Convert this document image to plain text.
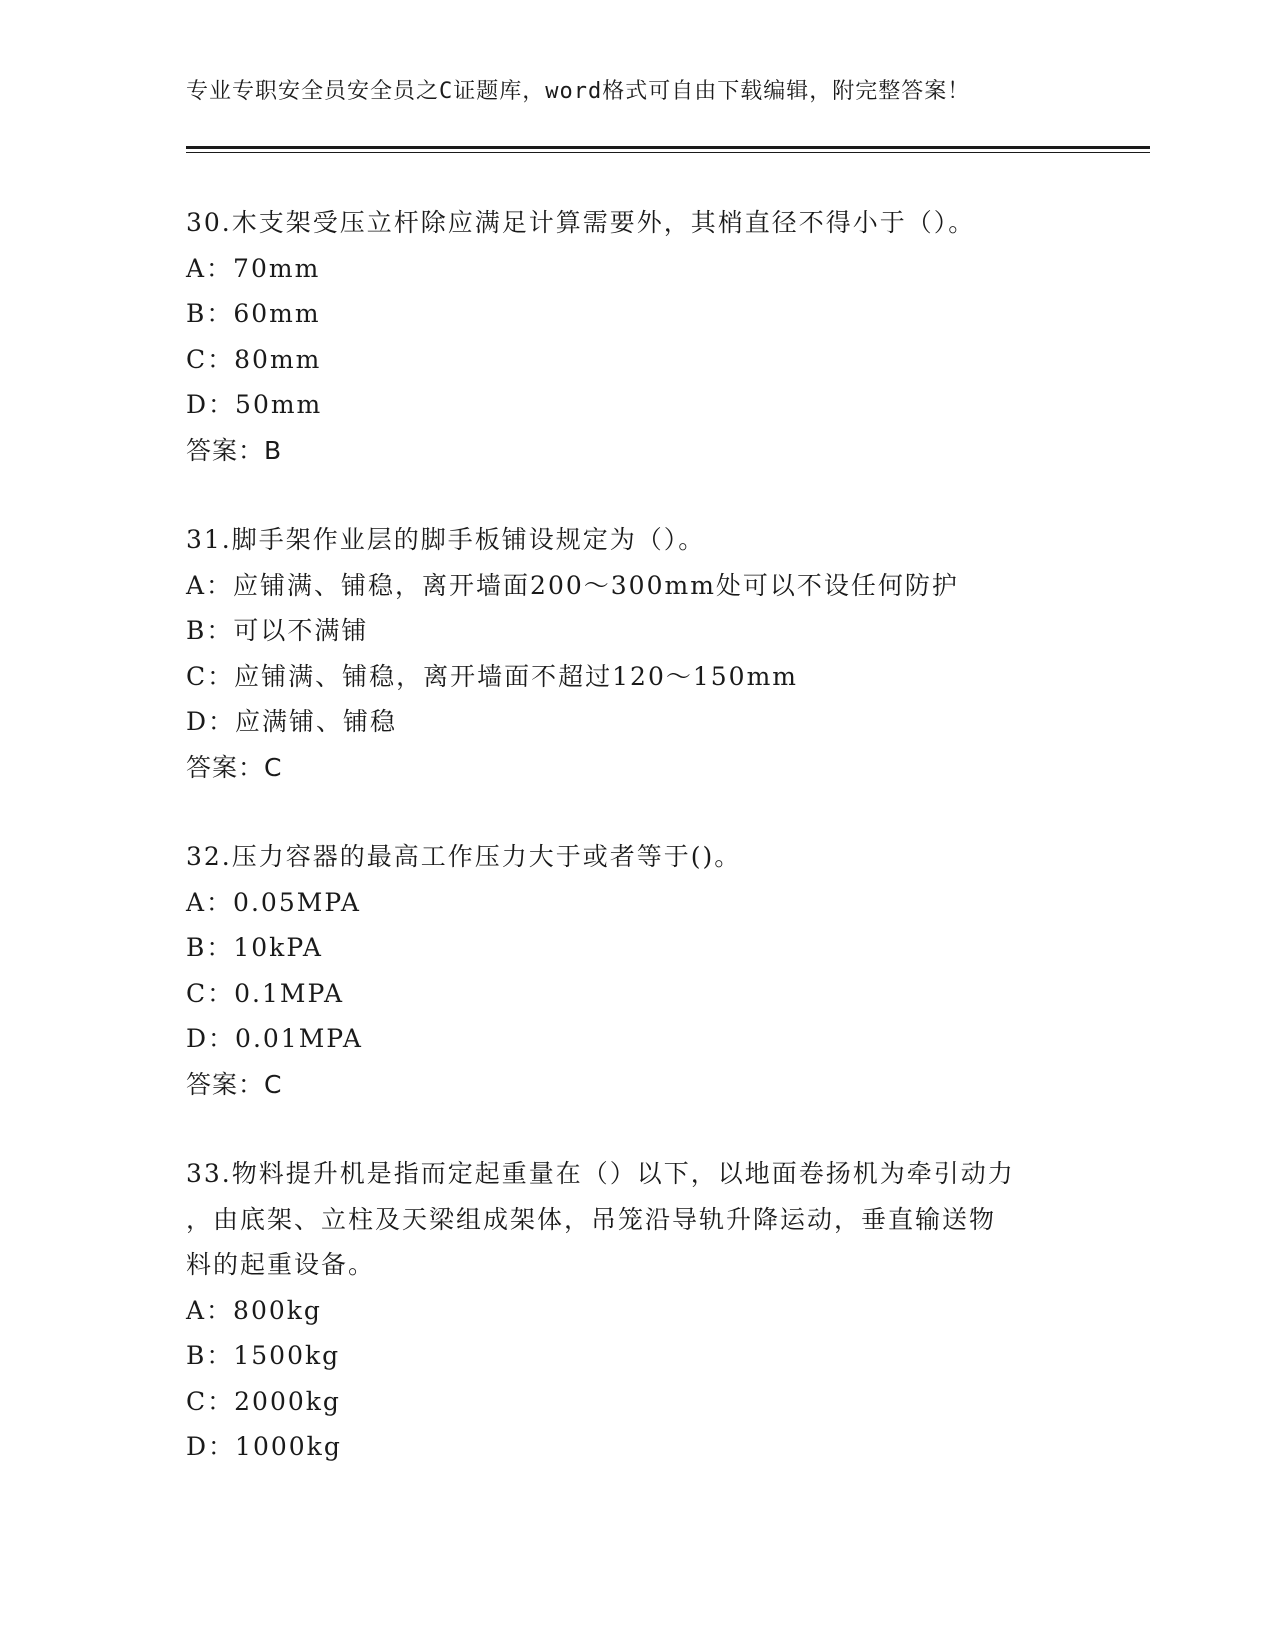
专业专职安全员安全员之C证题库，word格式可自由下载编辑，附完整答案！
30.木支架受压立杆除应满足计算需要外，其梢直径不得小于（）。
A：70mm
B：60mm
C：80mm
D：50mm
答案：B
31.脚手架作业层的脚手板铺设规定为（）。
A：应铺满、铺稳，离开墙面200～300mm处可以不设任何防护
B：可以不满铺
C：应铺满、铺稳，离开墙面不超过120～150mm
D：应满铺、铺稳
答案：C
32.压力容器的最高工作压力大于或者等于()。
A：0.05MPA
B：10kPA
C：0.1MPA
D：0.01MPA
答案：C
33.物料提升机是指而定起重量在（）以下，以地面卷扬机为牵引动力
，由底架、立柱及天梁组成架体，吊笼沿导轨升降运动，垂直输送物
料的起重设备。
A：800kg
B：1500kg
C：2000kg
D：1000kg
